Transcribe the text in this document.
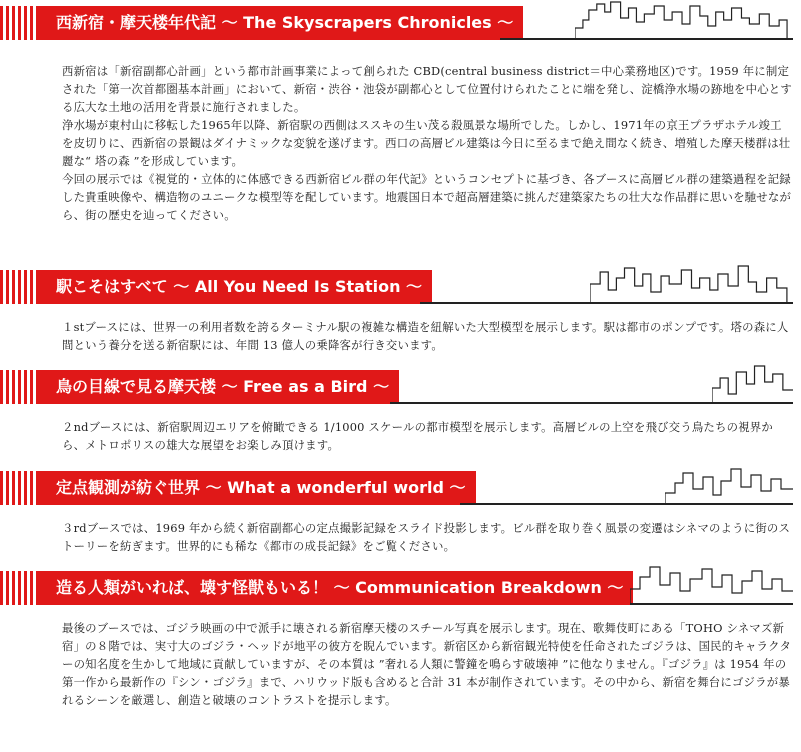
西新宿・摩天楼年代記 ～ The Skyscrapers Chronicles ～

西新宿は「新宿副都心計画」という都市計画事業によって創られた CBD(central business district＝中心業務地区)です。1959 年に制定された「第一次首都圏基本計画」において、新宿・渋谷・池袋が副都心として位置付けられたことに端を発し、淀橋浄水場の跡地を中心とする広大な土地の活用を背景に施行されました。

浄水場が東村山に移転した1965年以降、新宿駅の西側はススキの生い茂る殺風景な場所でした。しかし、1971年の京王プラザホテル竣工を皮切りに、西新宿の景観はダイナミックな変貌を遂げます。西口の高層ビル建築は今日に至るまで絶え間なく続き、増殖した摩天楼群は壮麗な“ 塔の森 ”を形成しています。

今回の展示では《視覚的・立体的に体感できる西新宿ビル群の年代記》というコンセプトに基づき、各ブースに高層ビル群の建築過程を記録した貴重映像や、構造物のユニークな模型等を配しています。地震国日本で超高層建築に挑んだ建築家たちの壮大な作品群に思いを馳せながら、街の歴史を辿ってください。

駅こそはすべて ～ All You Need Is Station ～

１stブースには、世界一の利用者数を誇るターミナル駅の複雑な構造を紐解いた大型模型を展示します。駅は都市のポンプです。塔の森に人間という養分を送る新宿駅には、年間 13 億人の乗降客が行き交います。

鳥の目線で見る摩天楼 ～ Free as a Bird ～

２ndブースには、新宿駅周辺エリアを俯瞰できる 1/1000 スケールの都市模型を展示します。高層ビルの上空を飛び交う鳥たちの視界から、メトロポリスの雄大な展望をお楽しみ頂けます。

定点観測が紡ぐ世界 ～ What a wonderful world ～

３rdブースでは、1969 年から続く新宿副都心の定点撮影記録をスライド投影します。ビル群を取り巻く風景の変遷はシネマのように街のストーリーを紡ぎます。世界的にも稀な《都市の成長記録》をご覧ください。

造る人類がいれば、壊す怪獣もいる！ ～ Communication Breakdown ～

最後のブースでは、ゴジラ映画の中で派手に壊される新宿摩天楼のスチール写真を展示します。現在、歌舞伎町にある「TOHO シネマズ新宿」の８階では、実寸大のゴジラ・ヘッドが地平の彼方を睨んでいます。新宿区から新宿観光特使を任命されたゴジラは、国民的キャラクターの知名度を生かして地域に貢献していますが、その本質は ”奢れる人類に警鐘を鳴らす破壊神 ”に他なりません。『ゴジラ』は 1954 年の第一作から最新作の『シン・ゴジラ』まで、ハリウッド版も含めると合計 31 本が制作されています。その中から、新宿を舞台にゴジラが暴れるシーンを厳選し、創造と破壊のコントラストを提示します。
